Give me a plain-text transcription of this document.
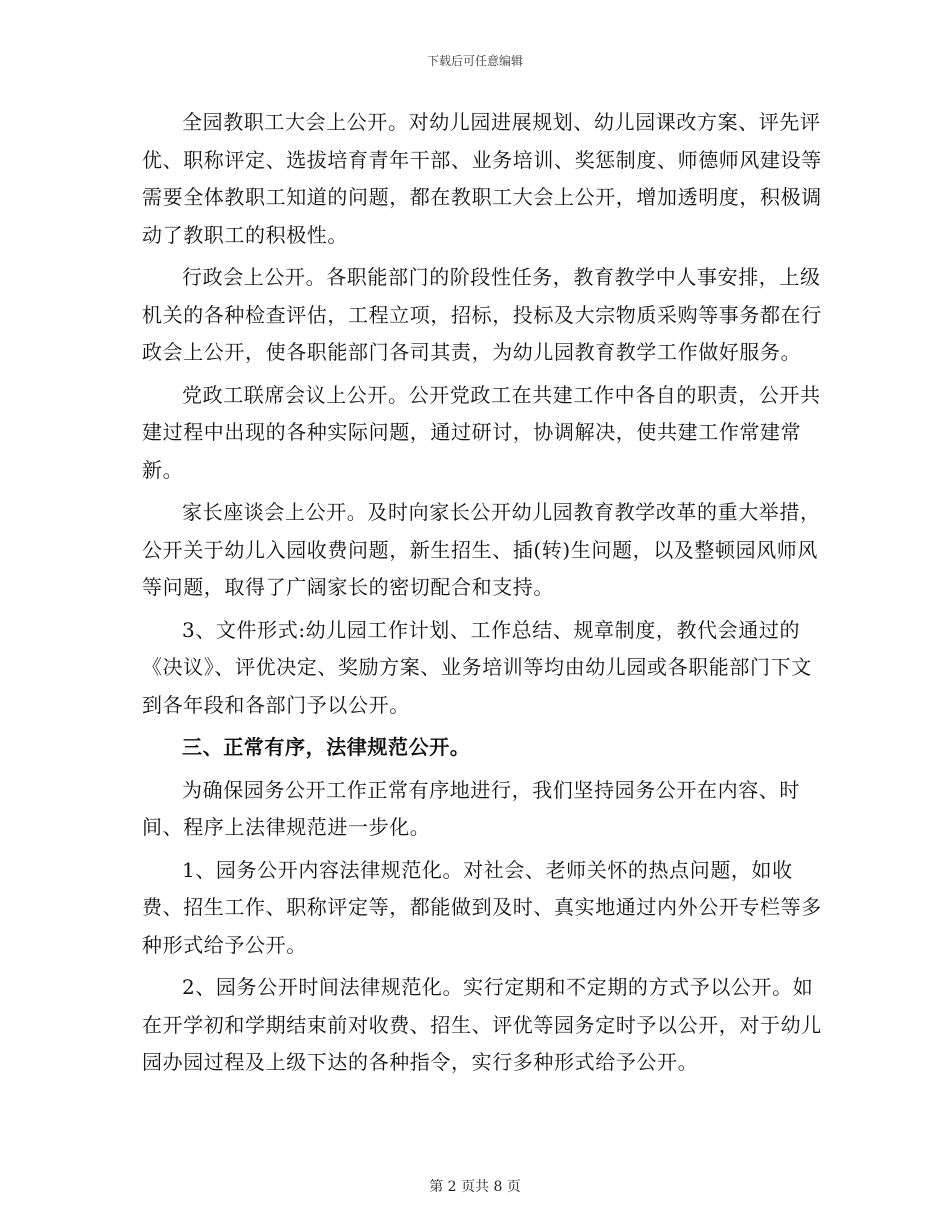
下载后可任意编辑

全园教职工大会上公开。对幼儿园进展规划、幼儿园课改方案、评先评优、职称评定、选拔培育青年干部、业务培训、奖惩制度、师德师风建设等需要全体教职工知道的问题，都在教职工大会上公开，增加透明度，积极调动了教职工的积极性。

行政会上公开。各职能部门的阶段性任务，教育教学中人事安排，上级机关的各种检查评估，工程立项，招标，投标及大宗物质采购等事务都在行政会上公开，使各职能部门各司其责，为幼儿园教育教学工作做好服务。

党政工联席会议上公开。公开党政工在共建工作中各自的职责，公开共建过程中出现的各种实际问题，通过研讨，协调解决，使共建工作常建常新。

家长座谈会上公开。及时向家长公开幼儿园教育教学改革的重大举措，公开关于幼儿入园收费问题，新生招生、插(转)生问题，以及整顿园风师风等问题，取得了广阔家长的密切配合和支持。

3、文件形式:幼儿园工作计划、工作总结、规章制度，教代会通过的《决议》、评优决定、奖励方案、业务培训等均由幼儿园或各职能部门下文到各年段和各部门予以公开。

三、正常有序，法律规范公开。

为确保园务公开工作正常有序地进行，我们坚持园务公开在内容、时间、程序上法律规范进一步化。

1、园务公开内容法律规范化。对社会、老师关怀的热点问题，如收费、招生工作、职称评定等，都能做到及时、真实地通过内外公开专栏等多种形式给予公开。

2、园务公开时间法律规范化。实行定期和不定期的方式予以公开。如在开学初和学期结束前对收费、招生、评优等园务定时予以公开，对于幼儿园办园过程及上级下达的各种指令，实行多种形式给予公开。

第 2 页共 8 页
